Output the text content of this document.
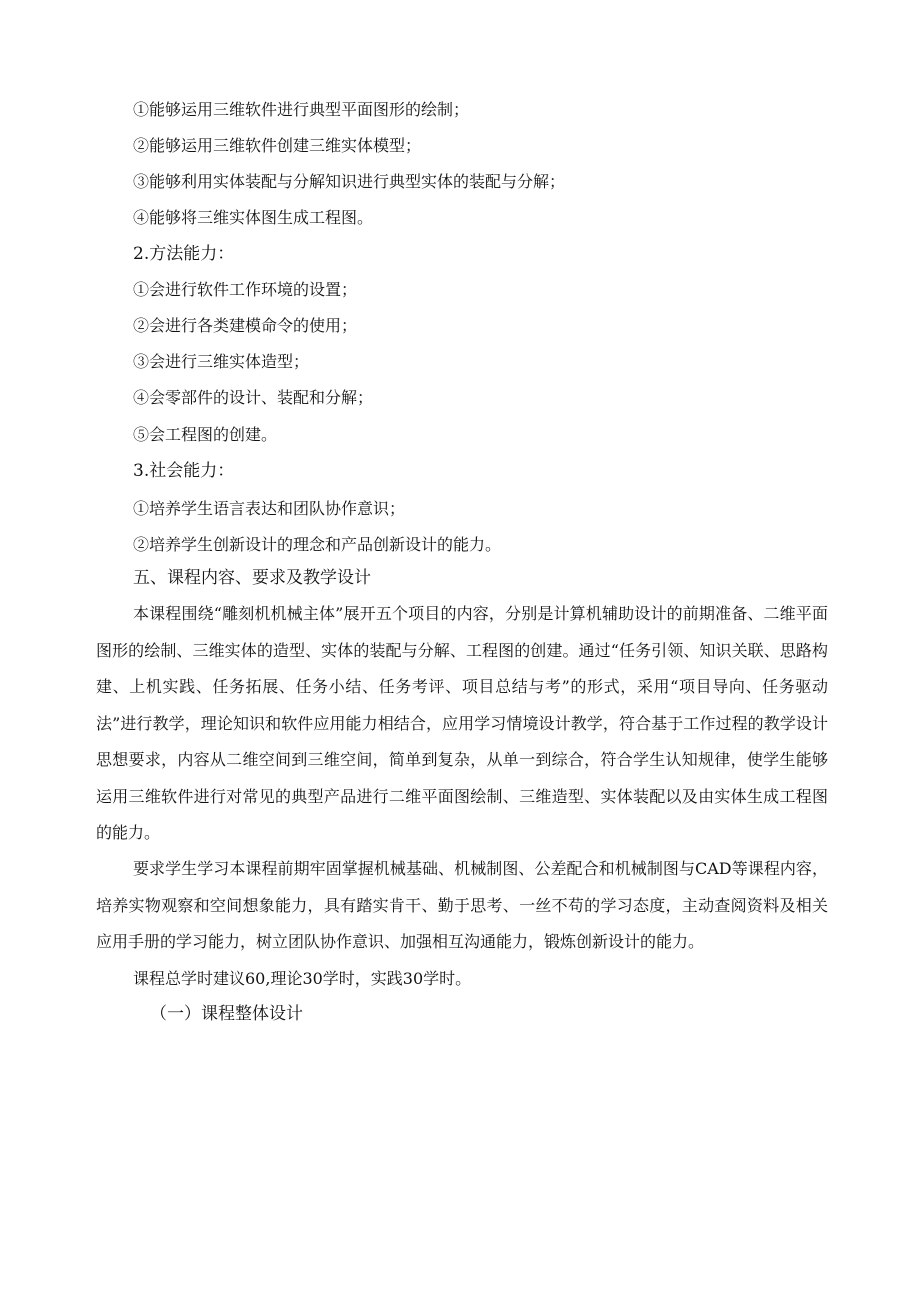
①能够运用三维软件进行典型平面图形的绘制；
②能够运用三维软件创建三维实体模型；
③能够利用实体装配与分解知识进行典型实体的装配与分解；
④能够将三维实体图生成工程图。
2.方法能力：
①会进行软件工作环境的设置；
②会进行各类建模命令的使用；
③会进行三维实体造型；
④会零部件的设计、装配和分解；
⑤会工程图的创建。
3.社会能力：
①培养学生语言表达和团队协作意识；
②培养学生创新设计的理念和产品创新设计的能力。
五、课程内容、要求及教学设计

本课程围绕“雕刻机机械主体”展开五个项目的内容，分别是计算机辅助设计的前期准备、二维平面图形的绘制、三维实体的造型、实体的装配与分解、工程图的创建。通过“任务引领、知识关联、思路构建、上机实践、任务拓展、任务小结、任务考评、项目总结与考”的形式，采用“项目导向、任务驱动法”进行教学，理论知识和软件应用能力相结合，应用学习情境设计教学，符合基于工作过程的教学设计思想要求，内容从二维空间到三维空间，简单到复杂，从单一到综合，符合学生认知规律，使学生能够运用三维软件进行对常见的典型产品进行二维平面图绘制、三维造型、实体装配以及由实体生成工程图的能力。

要求学生学习本课程前期牢固掌握机械基础、机械制图、公差配合和机械制图与CAD等课程内容，培养实物观察和空间想象能力，具有踏实肯干、勤于思考、一丝不苟的学习态度，主动查阅资料及相关应用手册的学习能力，树立团队协作意识、加强相互沟通能力，锻炼创新设计的能力。

课程总学时建议60,理论30学时，实践30学时。

（一）课程整体设计
